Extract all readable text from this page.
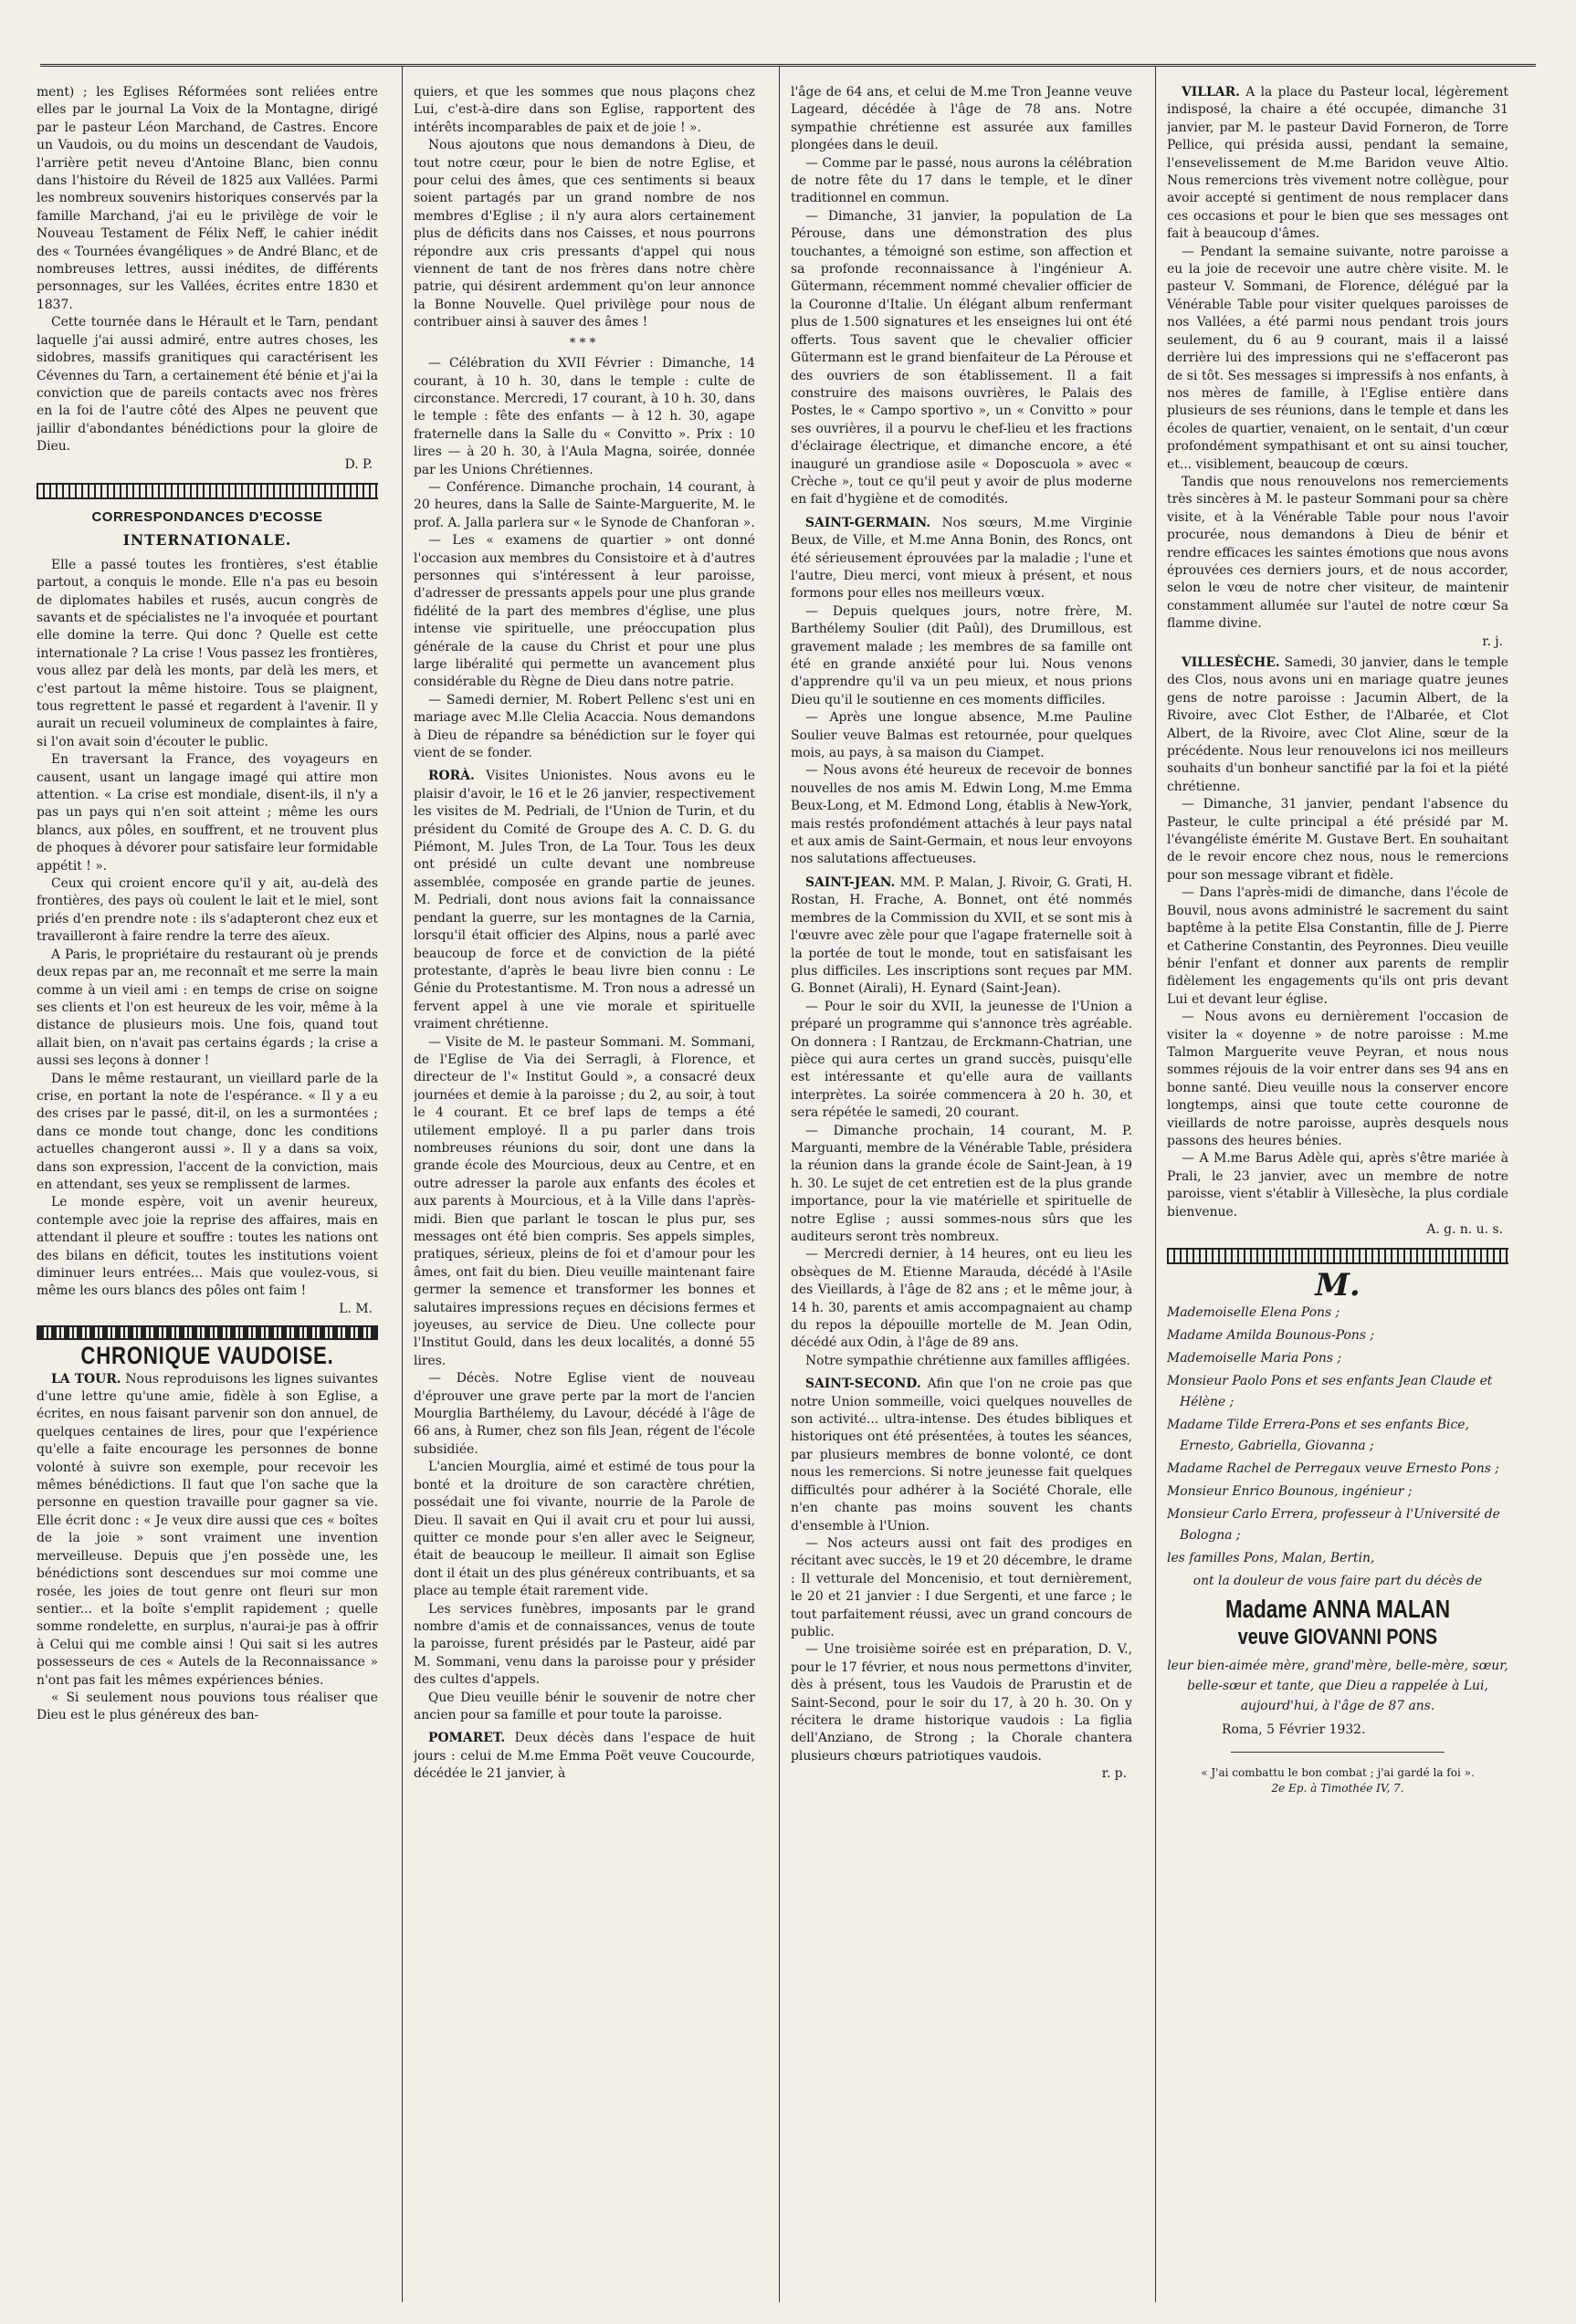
ment) ; les Eglises Réformées sont reliées entre elles par le journal La Voix de la Montagne, dirigé par le pasteur Léon Marchand, de Castres. Encore un Vaudois, ou du moins un descendant de Vaudois, l'arrière petit neveu d'Antoine Blanc, bien connu dans l'histoire du Réveil de 1825 aux Vallées. Parmi les nombreux souvenirs historiques conservés par la famille Marchand, j'ai eu le privilège de voir le Nouveau Testament de Félix Neff, le cahier inédit des « Tournées évangéliques » de André Blanc, et de nombreuses lettres, aussi inédites, de différents personnages, sur les Vallées, écrites entre 1830 et 1837.

Cette tournée dans le Hérault et le Tarn, pendant laquelle j'ai aussi admiré, entre autres choses, les sidobres, massifs granitiques qui caractérisent les Cévennes du Tarn, a certainement été bénie et j'ai la conviction que de pareils contacts avec nos frères en la foi de l'autre côté des Alpes ne peuvent que jaillir d'abondantes bénédictions pour la gloire de Dieu.

D. P.
CORRESPONDANCES D'ECOSSE
INTERNATIONALE.

Elle a passé toutes les frontières, s'est établie partout, a conquis le monde. Elle n'a pas eu besoin de diplomates habiles et rusés, aucun congrès de savants et de spécialistes ne l'a invoquée et pourtant elle domine la terre. Qui donc ? Quelle est cette internationale ? La crise ! Vous passez les frontières, vous allez par delà les monts, par delà les mers, et c'est partout la même histoire. Tous se plaignent, tous regrettent le passé et regardent à l'avenir. Il y aurait un recueil volumineux de complaintes à faire, si l'on avait soin d'écouter le public.

En traversant la France, des voyageurs en causent, usant un langage imagé qui attire mon attention. « La crise est mondiale, disent-ils, il n'y a pas un pays qui n'en soit atteint ; même les ours blancs, aux pôles, en souffrent, et ne trouvent plus de phoques à dévorer pour satisfaire leur formidable appétit ! ».

Ceux qui croient encore qu'il y ait, au-delà des frontières, des pays où coulent le lait et le miel, sont priés d'en prendre note : ils s'adapteront chez eux et travailleront à faire rendre la terre des aïeux.

A Paris, le propriétaire du restaurant où je prends deux repas par an, me reconnaît et me serre la main comme à un vieil ami : en temps de crise on soigne ses clients et l'on est heureux de les voir, même à la distance de plusieurs mois. Une fois, quand tout allait bien, on n'avait pas certains égards ; la crise a aussi ses leçons à donner !

Dans le même restaurant, un vieillard parle de la crise, en portant la note de l'espérance. « Il y a eu des crises par le passé, dit-il, on les a surmontées ; dans ce monde tout change, donc les conditions actuelles changeront aussi ». Il y a dans sa voix, dans son expression, l'accent de la conviction, mais en attendant, ses yeux se remplissent de larmes.

Le monde espère, voit un avenir heureux, contemple avec joie la reprise des affaires, mais en attendant il pleure et souffre : toutes les nations ont des bilans en déficit, toutes les institutions voient diminuer leurs entrées... Mais que voulez-vous, si même les ours blancs des pôles ont faim !

L. M.
CHRONIQUE VAUDOISE.

LA TOUR. Nous reproduisons les lignes suivantes d'une lettre qu'une amie, fidèle à son Eglise, a écrites, en nous faisant parvenir son don annuel, de quelques centaines de lires, pour que l'expérience qu'elle a faite encourage les personnes de bonne volonté à suivre son exemple, pour recevoir les mêmes bénédictions. Il faut que l'on sache que la personne en question travaille pour gagner sa vie. Elle écrit donc : « Je veux dire aussi que ces « boîtes de la joie » sont vraiment une invention merveilleuse. Depuis que j'en possède une, les bénédictions sont descendues sur moi comme une rosée, les joies de tout genre ont fleuri sur mon sentier... et la boîte s'emplit rapidement ; quelle somme rondelette, en surplus, n'aurai-je pas à offrir à Celui qui me comble ainsi ! Qui sait si les autres possesseurs de ces « Autels de la Reconnaissance » n'ont pas fait les mêmes expériences bénies.

« Si seulement nous pouvions tous réaliser que Dieu est le plus généreux des ban-

quiers, et que les sommes que nous plaçons chez Lui, c'est-à-dire dans son Eglise, rapportent des intérêts incomparables de paix et de joie ! ».

Nous ajoutons que nous demandons à Dieu, de tout notre cœur, pour le bien de notre Eglise, et pour celui des âmes, que ces sentiments si beaux soient partagés par un grand nombre de nos membres d'Eglise ; il n'y aura alors certainement plus de déficits dans nos Caisses, et nous pourrons répondre aux cris pressants d'appel qui nous viennent de tant de nos frères dans notre chère patrie, qui désirent ardemment qu'on leur annonce la Bonne Nouvelle. Quel privilège pour nous de contribuer ainsi à sauver des âmes !

***

— Célébration du XVII Février : Dimanche, 14 courant, à 10 h. 30, dans le temple : culte de circonstance. Mercredi, 17 courant, à 10 h. 30, dans le temple : fête des enfants — à 12 h. 30, agape fraternelle dans la Salle du « Convitto ». Prix : 10 lires — à 20 h. 30, à l'Aula Magna, soirée, donnée par les Unions Chrétiennes.

— Conférence. Dimanche prochain, 14 courant, à 20 heures, dans la Salle de Sainte-Marguerite, M. le prof. A. Jalla parlera sur « le Synode de Chanforan ».

— Les « examens de quartier » ont donné l'occasion aux membres du Consistoire et à d'autres personnes qui s'intéressent à leur paroisse, d'adresser de pressants appels pour une plus grande fidélité de la part des membres d'église, une plus intense vie spirituelle, une préoccupation plus générale de la cause du Christ et pour une plus large libéralité qui permette un avancement plus considérable du Règne de Dieu dans notre patrie.

— Samedi dernier, M. Robert Pellenc s'est uni en mariage avec M.lle Clelia Acaccia. Nous demandons à Dieu de répandre sa bénédiction sur le foyer qui vient de se fonder.

RORÀ. Visites Unionistes. Nous avons eu le plaisir d'avoir, le 16 et le 26 janvier, respectivement les visites de M. Pedriali, de l'Union de Turin, et du président du Comité de Groupe des A. C. D. G. du Piémont, M. Jules Tron, de La Tour. Tous les deux ont présidé un culte devant une nombreuse assemblée, composée en grande partie de jeunes. M. Pedriali, dont nous avions fait la connaissance pendant la guerre, sur les montagnes de la Carnia, lorsqu'il était officier des Alpins, nous a parlé avec beaucoup de force et de conviction de la piété protestante, d'après le beau livre bien connu : Le Génie du Protestantisme. M. Tron nous a adressé un fervent appel à une vie morale et spirituelle vraiment chrétienne.

— Visite de M. le pasteur Sommani. M. Sommani, de l'Eglise de Via dei Serragli, à Florence, et directeur de l'« Institut Gould », a consacré deux journées et demie à la paroisse ; du 2, au soir, à tout le 4 courant. Et ce bref laps de temps a été utilement employé. Il a pu parler dans trois nombreuses réunions du soir, dont une dans la grande école des Mourcious, deux au Centre, et en outre adresser la parole aux enfants des écoles et aux parents à Mourcious, et à la Ville dans l'après-midi. Bien que parlant le toscan le plus pur, ses messages ont été bien compris. Ses appels simples, pratiques, sérieux, pleins de foi et d'amour pour les âmes, ont fait du bien. Dieu veuille maintenant faire germer la semence et transformer les bonnes et salutaires impressions reçues en décisions fermes et joyeuses, au service de Dieu. Une collecte pour l'Institut Gould, dans les deux localités, a donné 55 lires.

— Décès. Notre Eglise vient de nouveau d'éprouver une grave perte par la mort de l'ancien Mourglia Barthélemy, du Lavour, décédé à l'âge de 66 ans, à Rumer, chez son fils Jean, régent de l'école subsidiée.

L'ancien Mourglia, aimé et estimé de tous pour la bonté et la droiture de son caractère chrétien, possédait une foi vivante, nourrie de la Parole de Dieu. Il savait en Qui il avait cru et pour lui aussi, quitter ce monde pour s'en aller avec le Seigneur, était de beaucoup le meilleur. Il aimait son Eglise dont il était un des plus généreux contribuants, et sa place au temple était rarement vide.

Les services funèbres, imposants par le grand nombre d'amis et de connaissances, venus de toute la paroisse, furent présidés par le Pasteur, aidé par M. Sommani, venu dans la paroisse pour y présider des cultes d'appels.

Que Dieu veuille bénir le souvenir de notre cher ancien pour sa famille et pour toute la paroisse.

POMARET. Deux décès dans l'espace de huit jours : celui de M.me Emma Poët veuve Coucourde, décédée le 21 janvier, à

l'âge de 64 ans, et celui de M.me Tron Jeanne veuve Lageard, décédée à l'âge de 78 ans. Notre sympathie chrétienne est assurée aux familles plongées dans le deuil.

— Comme par le passé, nous aurons la célébration de notre fête du 17 dans le temple, et le dîner traditionnel en commun.

— Dimanche, 31 janvier, la population de La Pérouse, dans une démonstration des plus touchantes, a témoigné son estime, son affection et sa profonde reconnaissance à l'ingénieur A. Gütermann, récemment nommé chevalier officier de la Couronne d'Italie. Un élégant album renfermant plus de 1.500 signatures et les enseignes lui ont été offerts. Tous savent que le chevalier officier Gütermann est le grand bienfaiteur de La Pérouse et des ouvriers de son établissement. Il a fait construire des maisons ouvrières, le Palais des Postes, le « Campo sportivo », un « Convitto » pour ses ouvrières, il a pourvu le chef-lieu et les fractions d'éclairage électrique, et dimanche encore, a été inauguré un grandiose asile « Doposcuola » avec « Crèche », tout ce qu'il peut y avoir de plus moderne en fait d'hygiène et de comodités.

SAINT-GERMAIN. Nos sœurs, M.me Virginie Beux, de Ville, et M.me Anna Bonin, des Roncs, ont été sérieusement éprouvées par la maladie ; l'une et l'autre, Dieu merci, vont mieux à présent, et nous formons pour elles nos meilleurs vœux.

— Depuis quelques jours, notre frère, M. Barthélemy Soulier (dit Paûl), des Drumillous, est gravement malade ; les membres de sa famille ont été en grande anxiété pour lui. Nous venons d'apprendre qu'il va un peu mieux, et nous prions Dieu qu'il le soutienne en ces moments difficiles.

— Après une longue absence, M.me Pauline Soulier veuve Balmas est retournée, pour quelques mois, au pays, à sa maison du Ciampet.

— Nous avons été heureux de recevoir de bonnes nouvelles de nos amis M. Edwin Long, M.me Emma Beux-Long, et M. Edmond Long, établis à New-York, mais restés profondément attachés à leur pays natal et aux amis de Saint-Germain, et nous leur envoyons nos salutations affectueuses.

SAINT-JEAN. MM. P. Malan, J. Rivoir, G. Grati, H. Rostan, H. Frache, A. Bonnet, ont été nommés membres de la Commission du XVII, et se sont mis à l'œuvre avec zèle pour que l'agape fraternelle soit à la portée de tout le monde, tout en satisfaisant les plus difficiles. Les inscriptions sont reçues par MM. G. Bonnet (Airali), H. Eynard (Saint-Jean).

— Pour le soir du XVII, la jeunesse de l'Union a préparé un programme qui s'annonce très agréable. On donnera : I Rantzau, de Erckmann-Chatrian, une pièce qui aura certes un grand succès, puisqu'elle est intéressante et qu'elle aura de vaillants interprètes. La soirée commencera à 20 h. 30, et sera répétée le samedi, 20 courant.

— Dimanche prochain, 14 courant, M. P. Marguanti, membre de la Vénérable Table, présidera la réunion dans la grande école de Saint-Jean, à 19 h. 30. Le sujet de cet entretien est de la plus grande importance, pour la vie matérielle et spirituelle de notre Eglise ; aussi sommes-nous sûrs que les auditeurs seront très nombreux.

— Mercredi dernier, à 14 heures, ont eu lieu les obsèques de M. Etienne Marauda, décédé à l'Asile des Vieillards, à l'âge de 82 ans ; et le même jour, à 14 h. 30, parents et amis accompagnaient au champ du repos la dépouille mortelle de M. Jean Odin, décédé aux Odin, à l'âge de 89 ans.

Notre sympathie chrétienne aux familles affligées.

SAINT-SECOND. Afin que l'on ne croie pas que notre Union sommeille, voici quelques nouvelles de son activité... ultra-intense. Des études bibliques et historiques ont été présentées, à toutes les séances, par plusieurs membres de bonne volonté, ce dont nous les remercions. Si notre jeunesse fait quelques difficultés pour adhérer à la Société Chorale, elle n'en chante pas moins souvent les chants d'ensemble à l'Union.

— Nos acteurs aussi ont fait des prodiges en récitant avec succès, le 19 et 20 décembre, le drame : Il vetturale del Moncenisio, et tout dernièrement, le 20 et 21 janvier : I due Sergenti, et une farce ; le tout parfaitement réussi, avec un grand concours de public.

— Une troisième soirée est en préparation, D. V., pour le 17 février, et nous nous permettons d'inviter, dès à présent, tous les Vaudois de Prarustin et de Saint-Second, pour le soir du 17, à 20 h. 30. On y récitera le drame historique vaudois : La figlia dell'Anziano, de Strong ; la Chorale chantera plusieurs chœurs patriotiques vaudois.

r. p.

VILLAR. A la place du Pasteur local, légèrement indisposé, la chaire a été occupée, dimanche 31 janvier, par M. le pasteur David Forneron, de Torre Pellice, qui présida aussi, pendant la semaine, l'ensevelissement de M.me Baridon veuve Altio. Nous remercions très vivement notre collègue, pour avoir accepté si gentiment de nous remplacer dans ces occasions et pour le bien que ses messages ont fait à beaucoup d'âmes.

— Pendant la semaine suivante, notre paroisse a eu la joie de recevoir une autre chère visite. M. le pasteur V. Sommani, de Florence, délégué par la Vénérable Table pour visiter quelques paroisses de nos Vallées, a été parmi nous pendant trois jours seulement, du 6 au 9 courant, mais il a laissé derrière lui des impressions qui ne s'effaceront pas de si tôt. Ses messages si impressifs à nos enfants, à nos mères de famille, à l'Eglise entière dans plusieurs de ses réunions, dans le temple et dans les écoles de quartier, venaient, on le sentait, d'un cœur profondément sympathisant et ont su ainsi toucher, et... visiblement, beaucoup de cœurs.

Tandis que nous renouvelons nos remerciements très sincères à M. le pasteur Sommani pour sa chère visite, et à la Vénérable Table pour nous l'avoir procurée, nous demandons à Dieu de bénir et rendre efficaces les saintes émotions que nous avons éprouvées ces derniers jours, et de nous accorder, selon le vœu de notre cher visiteur, de maintenir constamment allumée sur l'autel de notre cœur Sa flamme divine.

r. j.

VILLESÈCHE. Samedi, 30 janvier, dans le temple des Clos, nous avons uni en mariage quatre jeunes gens de notre paroisse : Jacumin Albert, de la Rivoire, avec Clot Esther, de l'Albarée, et Clot Albert, de la Rivoire, avec Clot Aline, sœur de la précédente. Nous leur renouvelons ici nos meilleurs souhaits d'un bonheur sanctifié par la foi et la piété chrétienne.

— Dimanche, 31 janvier, pendant l'absence du Pasteur, le culte principal a été présidé par M. l'évangéliste émérite M. Gustave Bert. En souhaitant de le revoir encore chez nous, nous le remercions pour son message vibrant et fidèle.

— Dans l'après-midi de dimanche, dans l'école de Bouvil, nous avons administré le sacrement du saint baptême à la petite Elsa Constantin, fille de J. Pierre et Catherine Constantin, des Peyronnes. Dieu veuille bénir l'enfant et donner aux parents de remplir fidèlement les engagements qu'ils ont pris devant Lui et devant leur église.

— Nous avons eu dernièrement l'occasion de visiter la « doyenne » de notre paroisse : M.me Talmon Marguerite veuve Peyran, et nous nous sommes réjouis de la voir entrer dans ses 94 ans en bonne santé. Dieu veuille nous la conserver encore longtemps, ainsi que toute cette couronne de vieillards de notre paroisse, auprès desquels nous passons des heures bénies.

— A M.me Barus Adèle qui, après s'être mariée à Prali, le 23 janvier, avec un membre de notre paroisse, vient s'établir à Villesèche, la plus cordiale bienvenue.

A. g. n. u. s.
M.
Mademoiselle Elena Pons ;
Madame Amilda Bounous-Pons ;
Mademoiselle Maria Pons ;
Monsieur Paolo Pons et ses enfants Jean Claude et Hélène ;
Madame Tilde Errera-Pons et ses enfants Bice, Ernesto, Gabriella, Giovanna ;
Madame Rachel de Perregaux veuve Ernesto Pons ;
Monsieur Enrico Bounous, ingénieur ;
Monsieur Carlo Errera, professeur à l'Université de Bologna ;
les familles Pons, Malan, Bertin,
ont la douleur de vous faire part du décès de
Madame ANNA MALAN
veuve GIOVANNI PONS

leur bien-aimée mère, grand'mère, belle-mère, sœur, belle-sœur et tante, que Dieu a rappelée à Lui, aujourd'hui, à l'âge de 87 ans.

Roma, 5 Février 1932.

« J'ai combattu le bon combat ; j'ai gardé la foi ».
2e Ep. à Timothée IV, 7.
